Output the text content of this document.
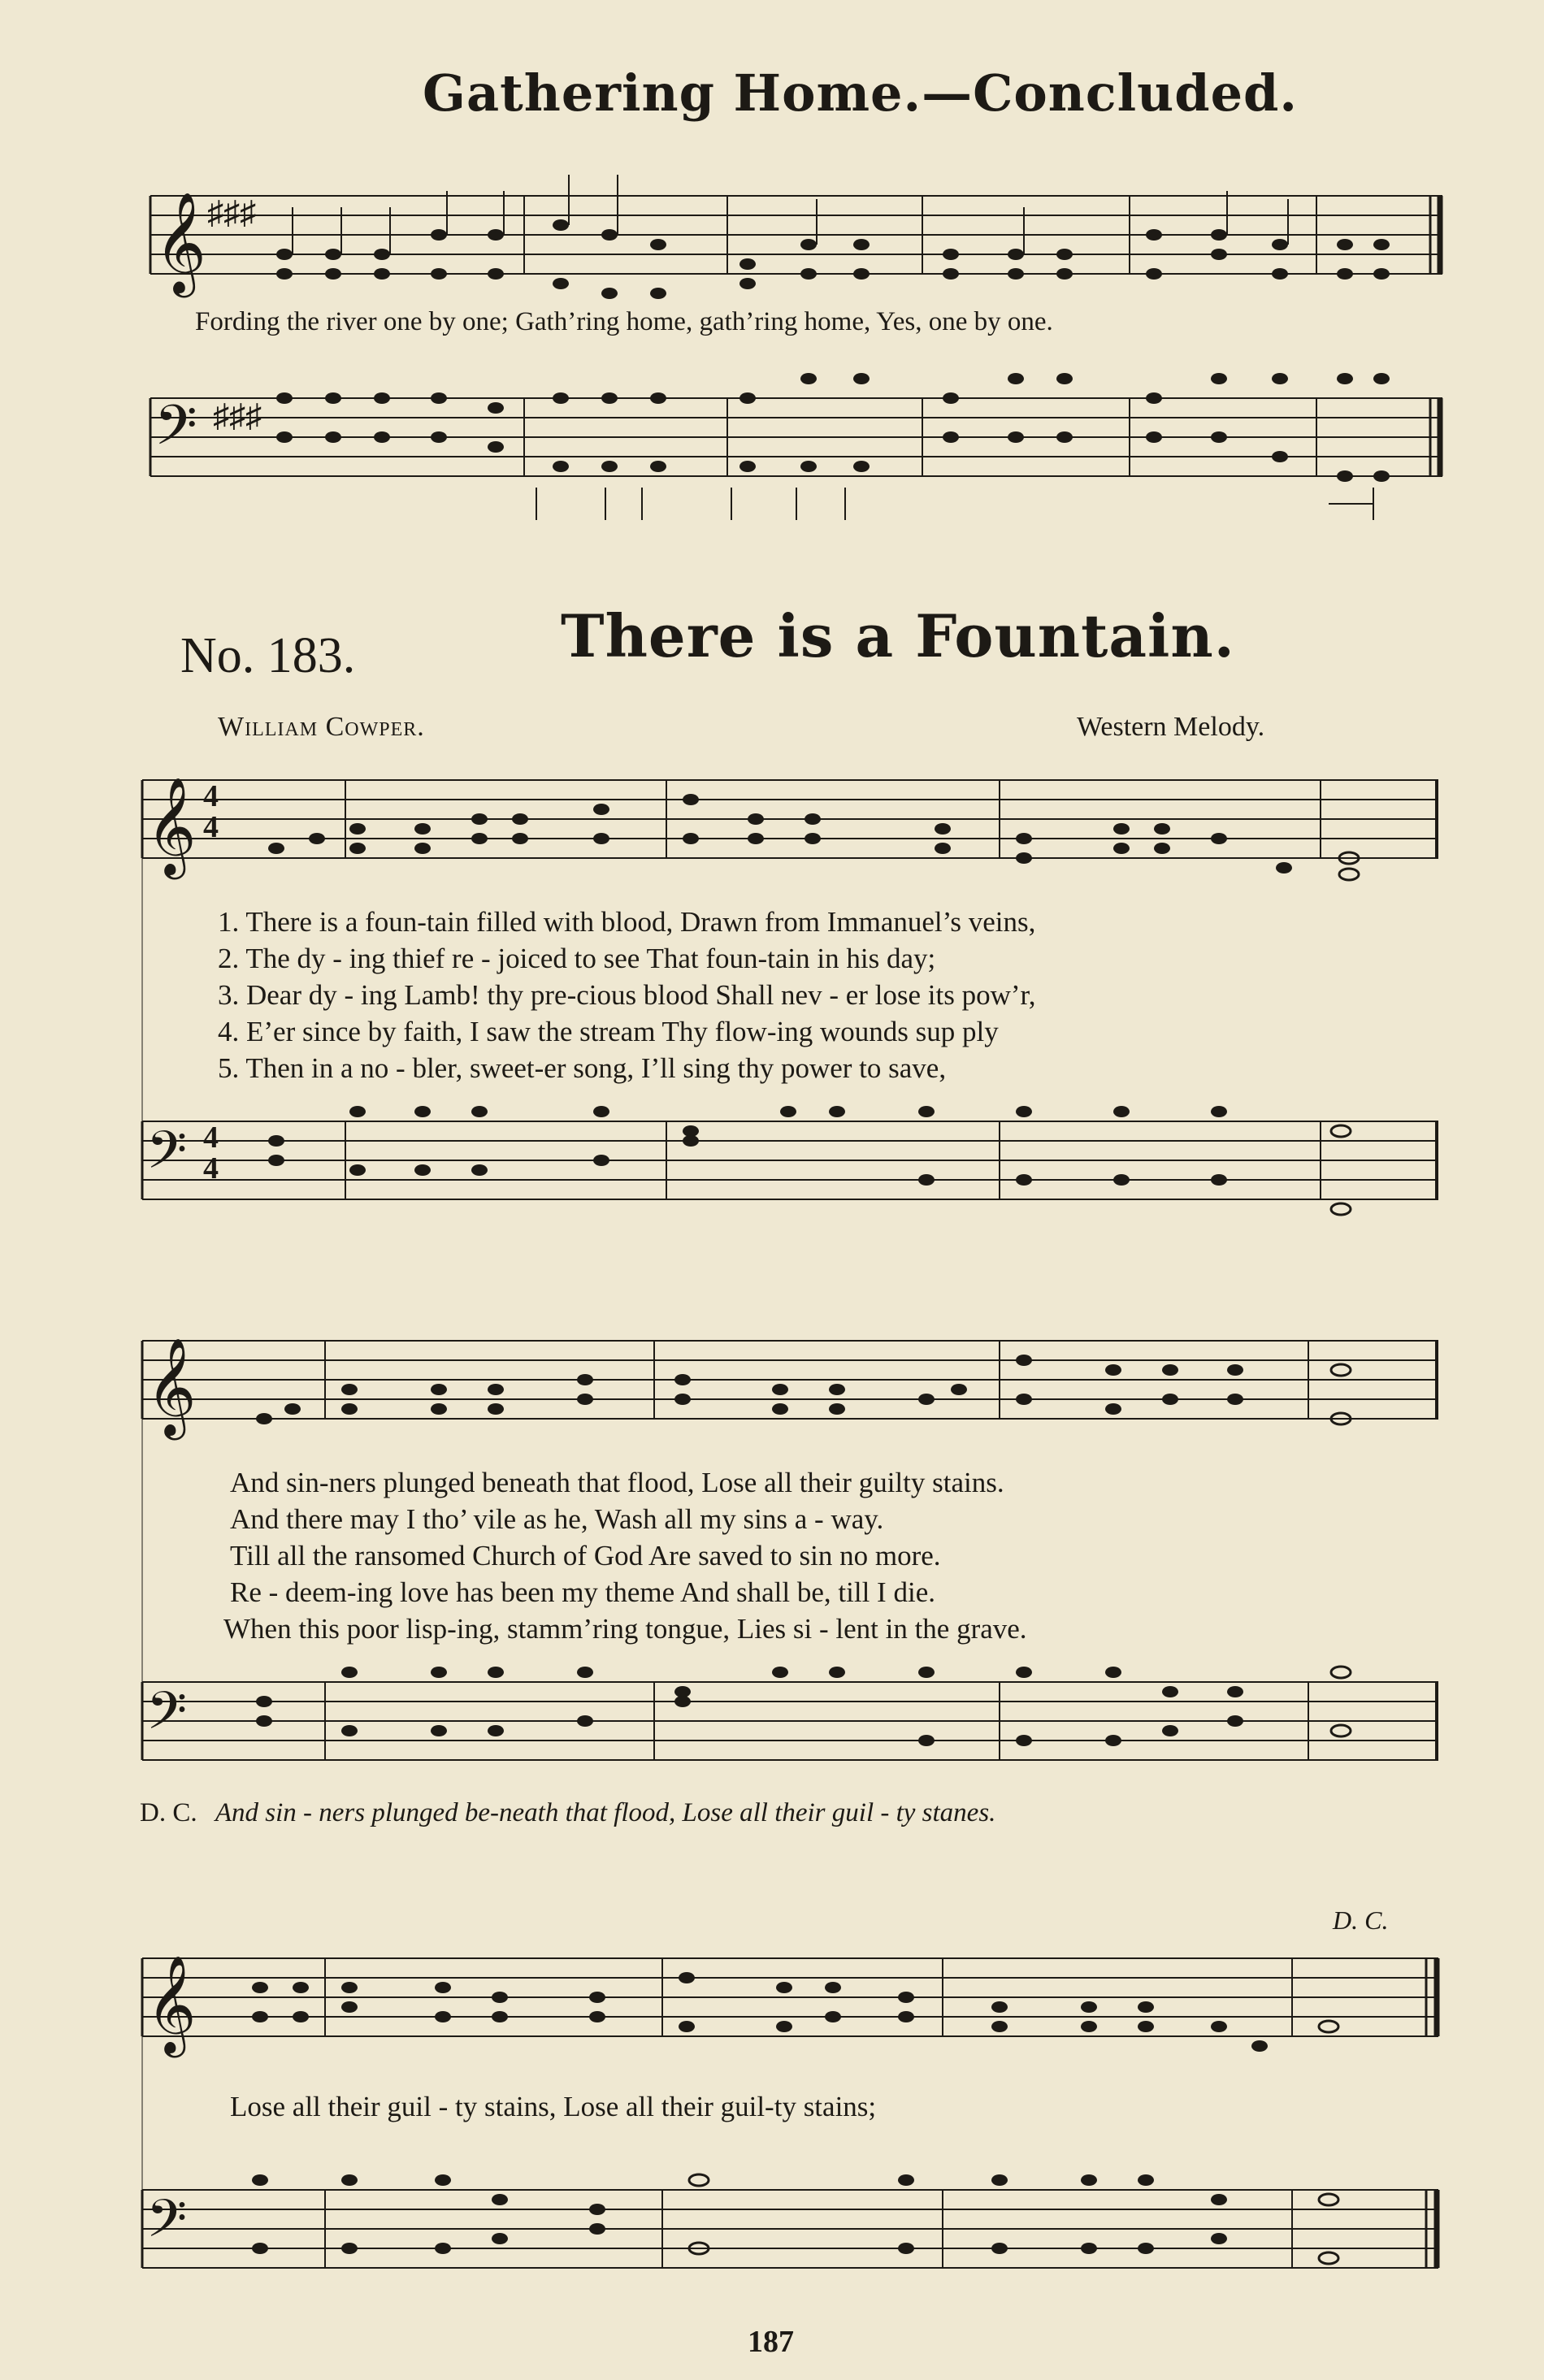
Gathering Home.—Concluded.
𝄞 ♯♯♯
Fording the river one by one; Gath’ring home, gath’ring home, Yes, one by one.
𝄢 ♯♯♯
No. 183.	There is a Fountain.
William Cowper.	Western Melody.
𝄞 4
4
𝄢 4
4
1. There is a foun-tain filled with blood, Drawn from Immanuel’s veins,
2. The dy - ing thief re - joiced to see That foun-tain in his day;
3. Dear dy - ing Lamb! thy pre-cious blood Shall nev - er lose its pow’r,
4. E’er since by faith, I saw the stream Thy flow-ing wounds sup ply
5. Then in a no - bler, sweet-er song, I’ll sing thy power to save,
𝄞
𝄢
And sin-ners plunged beneath that flood, Lose all their guilty stains.
And there may I tho’ vile as he, Wash all my sins a - way.
Till all the ransomed Church of God Are saved to sin no more.
Re - deem-ing love has been my theme And shall be, till I die.
When this poor lisp-ing, stamm’ring tongue, Lies si - lent in the grave.
D. C. And sin - ners plunged be-neath that flood, Lose all their guil - ty stanes.
𝄞
𝄢
D. C.
Lose all their guil - ty stains, Lose all their guil-ty stains;
187
